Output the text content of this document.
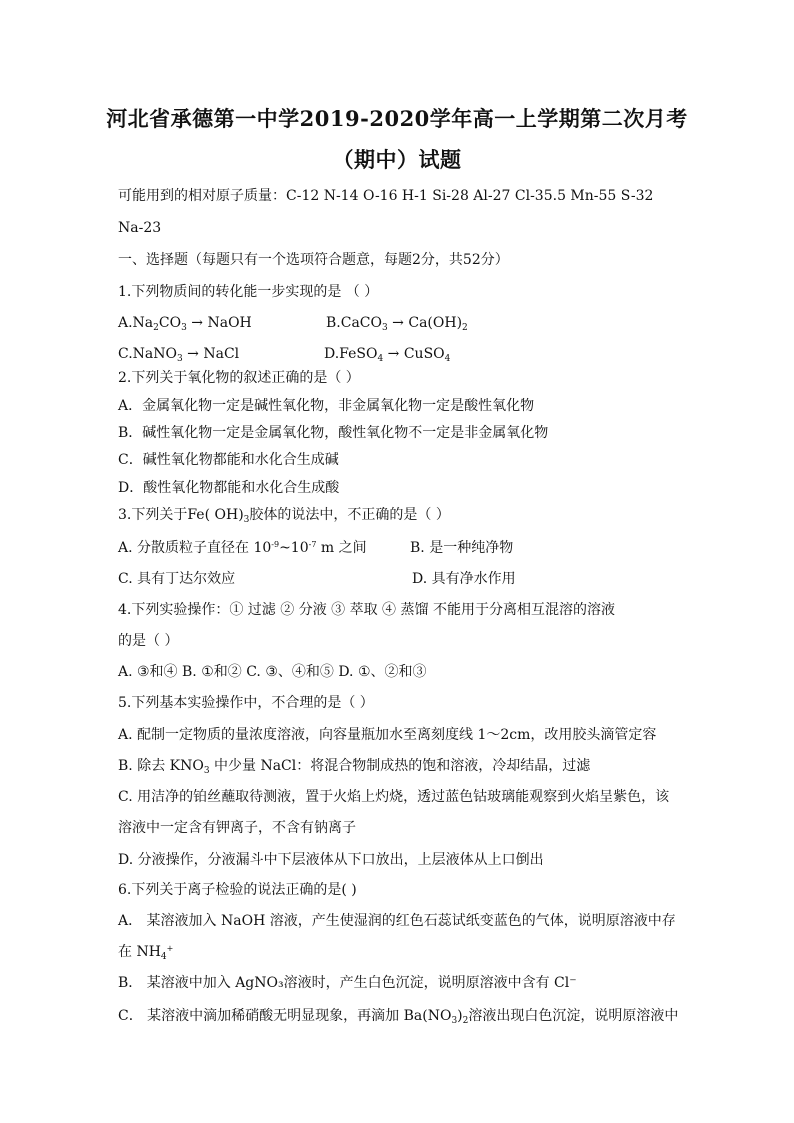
河北省承德第一中学2019-2020学年高一上学期第二次月考
（期中）试题
可能用到的相对原子质量：C-12 N-14 O-16 H-1 Si-28 Al-27 Cl-35.5 Mn-55 S-32
Na-23
一、选择题（每题只有一个选项符合题意，每题2分，共52分）
1.下列物质间的转化能一步实现的是 （ ）
$A.Na_2CO_3$ → NaOH	B.CaCO$_3$ → $Ca(OH)_2$
C.NaNO$_3$ → NaCl	D.FeSO$_4$ → CuSO$_4$
2.下列关于氧化物的叙述正确的是（ ）
A．金属氧化物一定是碱性氧化物，非金属氧化物一定是酸性氧化物
B．碱性氧化物一定是金属氧化物，酸性氧化物不一定是非金属氧化物
C．碱性氧化物都能和水化合生成碱
D．酸性氧化物都能和水化合生成酸
3.下列关于Fe( $OH)_3$胶体的说法中，不正确的是（ ）
A. 分散质粒子直径在 $10^{-9}\sim 10^{-7}$ m 之间	B. 是一种纯净物
C. 具有丁达尔效应	D. 具有净水作用
4.下列实验操作：① 过滤 ② 分液 ③ 萃取 ④ 蒸馏 不能用于分离相互混溶的溶液
的是（ ）
A. ③和④ B. ①和② C. ③、④和⑤ D. ①、②和③
5.下列基本实验操作中，不合理的是（ ）
A. 配制一定物质的量浓度溶液，向容量瓶加水至离刻度线 1～2cm，改用胶头滴管定容
B. 除去 $KNO_3$ 中少量 NaCl：将混合物制成热的饱和溶液，冷却结晶，过滤
C. 用洁净的铂丝蘸取待测液，置于火焰上灼烧，透过蓝色钴玻璃能观察到火焰呈紫色，该
溶液中一定含有钾离子，不含有钠离子
D. 分液操作，分液漏斗中下层液体从下口放出，上层液体从上口倒出
6.下列关于离子检验的说法正确的是( )
A． 某溶液加入 NaOH 溶液，产生使湿润的红色石蕊试纸变蓝色的气体，说明原溶液中存
在 $NH_4^+$
B． 某溶液中加入 AgNO₃溶液时，产生白色沉淀，说明原溶液中含有 Cl⁻
C． 某溶液中滴加稀硝酸无明显现象，再滴加 $Ba(NO_3)_2$溶液出现白色沉淀，说明原溶液中
